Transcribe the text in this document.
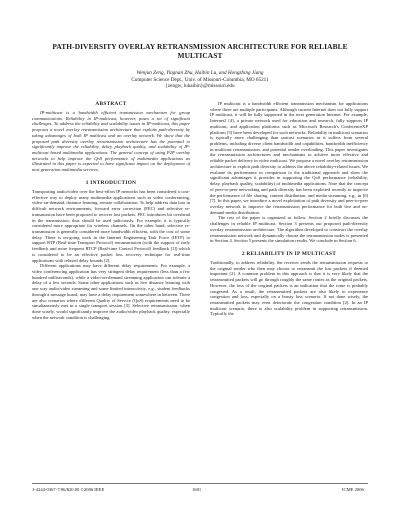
PATH-DIVERSITY OVERLAY RETRANSMISSION ARCHITECTURE FOR RELIABLE MULTICAST
Wenjun Zeng, Yingnan Zhu, Haibin Lu, and Hongzhing Jiang
Computer Science Dept., Univ. of Missouri-Columbia, MO 65211
{zengw, luhaibin}@missouri.edu
ABSTRACT

IP-multicast is a bandwidth efficient transmission mechanism for group communications. Reliability in IP-multicast, however, poses a set of significant challenges. To address the reliability and scalability issues in IP-multicast, this paper proposes a novel overlay retransmission architecture that exploits path-diversity by taking advantages of both IP multicast and an overlay network. We show that the proposed path diversity overlay retransmission architecture has the potential to significantly improve the reliability, delay, playback quality, and scalability of IP-multicast based multimedia applications. The general concept of using P2P overlay networks to help improve the QoS performance of multimedia applications as illustrated in this paper is expected to have significant impact on the deployment of next generation multimedia services.

1 INTRODUCTION

Transporting audio/video over the best-effort IP networks has been considered a cost-effective way to deploy many multimedia applications such as video conferencing, video-on-demand, distance learning, remote collaboration. To help address data loss in difficult network environments, forward error correction (FEC) and selective re-transmission have been proposed to recover lost packets. FEC introduces bit overhead in the transmission, thus should be used judiciously. For example, it is typically considered more appropriate for wireless channels. On the other hand, selective re-transmission is generally considered more bandwidth efficient, with the cost of some delay. There is on-going work in the Internet Engineering Task Force (IETF) to support RTP (Real-time Transport Protocol) retransmission (with the support of early feedback and more frequent RTCP (Real-time Control Protocol) feedback [1]) which is considered to be an effective packet loss recovery technique for real-time applications with relaxed delay bounds [2].

Different applications may have different delay requirements. For example, a video conferencing application has very stringent delay requirement (less than a few hundred milliseconds), while a video-on-demand streaming application can tolerate a delay of a few seconds. Some other applications such as live distance learning with one way audio/video streaming and some limited interactivity, e.g., student feedbacks through a message board, may have a delay requirement somewhere in between. There are also scenarios where different Quality of Service (QoS) requirements need to be simultaneously met in a single transport session [3]. Selective retransmission, when done wisely, would significantly improve the audio/video playback quality, especially when the network condition is challenging.

IP multicast is a bandwidth efficient transmission mechanism for applications where there are multiple participants. Although current Internet does not fully support IP multicast, it will be fully supported in the next generation Internet. For example, Internet2 [4], a private network used for education and research, fully supports IP multicast, and application platforms such as Microsoft Research's ConferenceXP platform [5] have been developed for such networks. Reliability in multicast scenarios is typically more challenging than unicast scenarios as it suffers from several problems, including diverse client bandwidth and capabilities, bandwidth inefficiency in multicast retransmission, and potential sender overloading. This paper investigates the retransmission architectures and mechanisms to achieve more effective and reliable packet delivery in video multicast. We propose a novel overlay retransmission architecture to exploit path diversity to address the above reliability-related issues. We evaluate its performance in comparison to the traditional approach and show the significant advantages it provides in supporting the QoS performance (reliability, delay, playback quality, scalability) of multimedia applications. Note that the concept of peer-to-peer networking and path diversity has been exploited recently to improve the performance of file sharing, content distribution, and media streaming, e.g., in [6][7]. In this paper, we introduce a novel exploitation of path diversity and peer-to-peer overlay network to improve the retransmission performance for both live and on-demand media distribution.

The rest of the paper is organized as follow. Section 2 briefly discusses the challenges in reliable IP multicast. Section 3 presents our proposed path-diversity overlay retransmission architecture. The algorithm developed to construct the overlay retransmission network and dynamically choose the retransmission nodes is presented in Section 4. Section 5 presents the simulation results. We conclude in Section 6.

2 RELIABILITY IN IP MULTICAST

Traditionally, to address reliability, the receiver sends the retransmission requests to the original sender who then may choose to retransmit the lost packets if deemed important [2]. A common problem in this approach is that it is very likely that the retransmitted packets will go through roughly the same routes as the original packets. However, the loss of the original packets is an indication that the route is probably congested. As a result, the retransmitted packets are also likely to experience congestion and loss, especially on a bursty loss scenario. If not done wisely, the retransmitted packets may even deteriorate the congestion condition [2]. In an IP multicast scenario, there is also scalability problem in supporting retransmission. Typically the

1-4244-0367-7/06/$20.00 ©2006 IEEE	1681	ICME 2006
